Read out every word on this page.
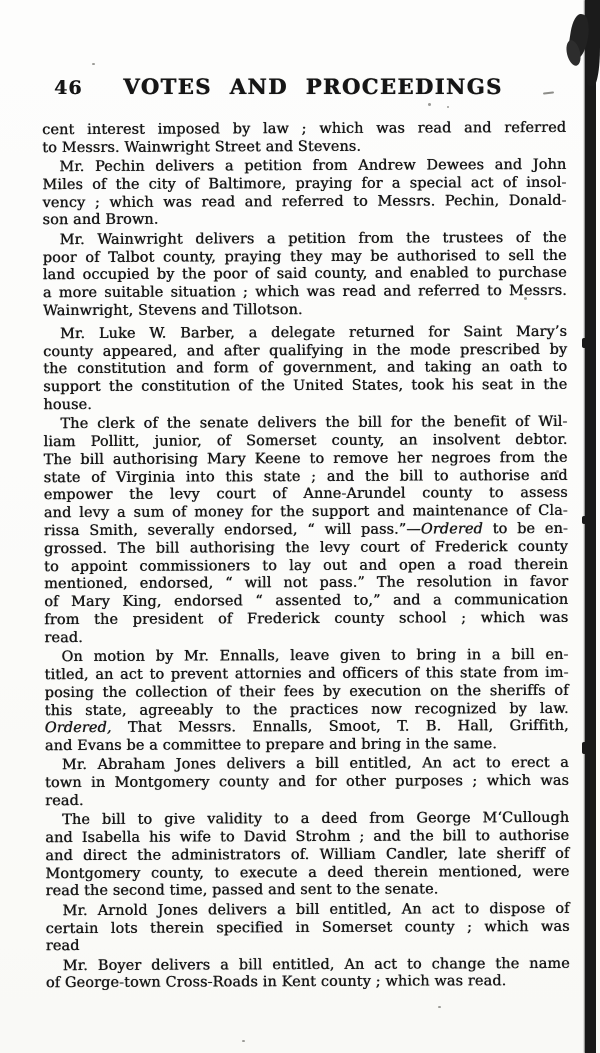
46	VOTES AND PROCEEDINGS
cent interest imposed by law ; which was read and referred
to Messrs. Wainwright Street and Stevens.
Mr. Pechin delivers a petition from Andrew Dewees and John
Miles of the city of Baltimore, praying for a special act of insol-
vency ; which was read and referred to Messrs. Pechin, Donald-
son and Brown.
Mr. Wainwright delivers a petition from the trustees of the
poor of Talbot county, praying they may be authorised to sell the
land occupied by the poor of said county, and enabled to purchase
a more suitable situation ; which was read and referred to Messrs.
Wainwright, Stevens and Tillotson.
Mr. Luke W. Barber, a delegate returned for Saint Mary’s
county appeared, and after qualifying in the mode prescribed by
the constitution and form of government, and taking an oath to
support the constitution of the United States, took his seat in the
house.
The clerk of the senate delivers the bill for the benefit of Wil-
liam Pollitt, junior, of Somerset county, an insolvent debtor.
The bill authorising Mary Keene to remove her negroes from the
state of Virginia into this state ; and the bill to authorise and
empower the levy court of Anne-Arundel county to assess
and levy a sum of money for the support and maintenance of Cla-
rissa Smith, severally endorsed, “ will pass.”—Ordered to be en-
grossed. The bill authorising the levy court of Frederick county
to appoint commissioners to lay out and open a road therein
mentioned, endorsed, “ will not pass.” The resolution in favor
of Mary King, endorsed “ assented to,” and a communication
from the president of Frederick county school ; which was
read.
On motion by Mr. Ennalls, leave given to bring in a bill en-
titled, an act to prevent attornies and officers of this state from im-
posing the collection of their fees by execution on the sheriffs of
this state, agreeably to the practices now recognized by law.
Ordered, That Messrs. Ennalls, Smoot, T. B. Hall, Griffith,
and Evans be a committee to prepare and bring in the same.
Mr. Abraham Jones delivers a bill entitled, An act to erect a
town in Montgomery county and for other purposes ; which was
read.
The bill to give validity to a deed from George M‘Cullough
and Isabella his wife to David Strohm ; and the bill to authorise
and direct the administrators of. William Candler, late sheriff of
Montgomery county, to execute a deed therein mentioned, were
read the second time, passed and sent to the senate.
Mr. Arnold Jones delivers a bill entitled, An act to dispose of
certain lots therein specified in Somerset county ; which was
read
Mr. Boyer delivers a bill entitled, An act to change the name
of George-town Cross-Roads in Kent county ; which was read.
